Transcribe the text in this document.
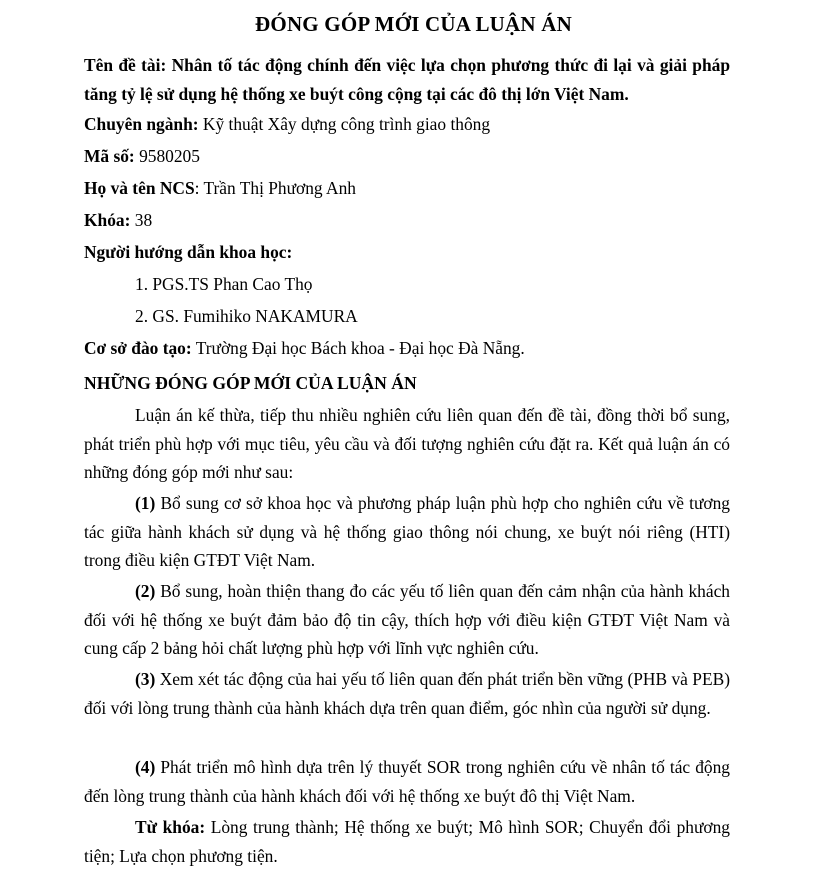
ĐÓNG GÓP MỚI CỦA LUẬN ÁN
Tên đề tài: Nhân tố tác động chính đến việc lựa chọn phương thức đi lại và giải pháp tăng tỷ lệ sử dụng hệ thống xe buýt công cộng tại các đô thị lớn Việt Nam.
Chuyên ngành: Kỹ thuật Xây dựng công trình giao thông
Mã số: 9580205
Họ và tên NCS: Trần Thị Phương Anh
Khóa: 38
Người hướng dẫn khoa học:
1. PGS.TS Phan Cao Thọ
2. GS. Fumihiko NAKAMURA
Cơ sở đào tạo: Trường Đại học Bách khoa - Đại học Đà Nẵng.
NHỮNG ĐÓNG GÓP MỚI CỦA LUẬN ÁN
Luận án kế thừa, tiếp thu nhiều nghiên cứu liên quan đến đề tài, đồng thời bổ sung, phát triển phù hợp với mục tiêu, yêu cầu và đối tượng nghiên cứu đặt ra. Kết quả luận án có những đóng góp mới như sau:
(1) Bổ sung cơ sở khoa học và phương pháp luận phù hợp cho nghiên cứu về tương tác giữa hành khách sử dụng và hệ thống giao thông nói chung, xe buýt nói riêng (HTI) trong điều kiện GTĐT Việt Nam.
(2) Bổ sung, hoàn thiện thang đo các yếu tố liên quan đến cảm nhận của hành khách đối với hệ thống xe buýt đảm bảo độ tin cậy, thích hợp với điều kiện GTĐT Việt Nam và cung cấp 2 bảng hỏi chất lượng phù hợp với lĩnh vực nghiên cứu.
(3) Xem xét tác động của hai yếu tố liên quan đến phát triển bền vững (PHB và PEB) đối với lòng trung thành của hành khách dựa trên quan điểm, góc nhìn của người sử dụng.
(4) Phát triển mô hình dựa trên lý thuyết SOR trong nghiên cứu về nhân tố tác động đến lòng trung thành của hành khách đối với hệ thống xe buýt đô thị Việt Nam.
Từ khóa: Lòng trung thành; Hệ thống xe buýt; Mô hình SOR; Chuyển đổi phương tiện; Lựa chọn phương tiện.
